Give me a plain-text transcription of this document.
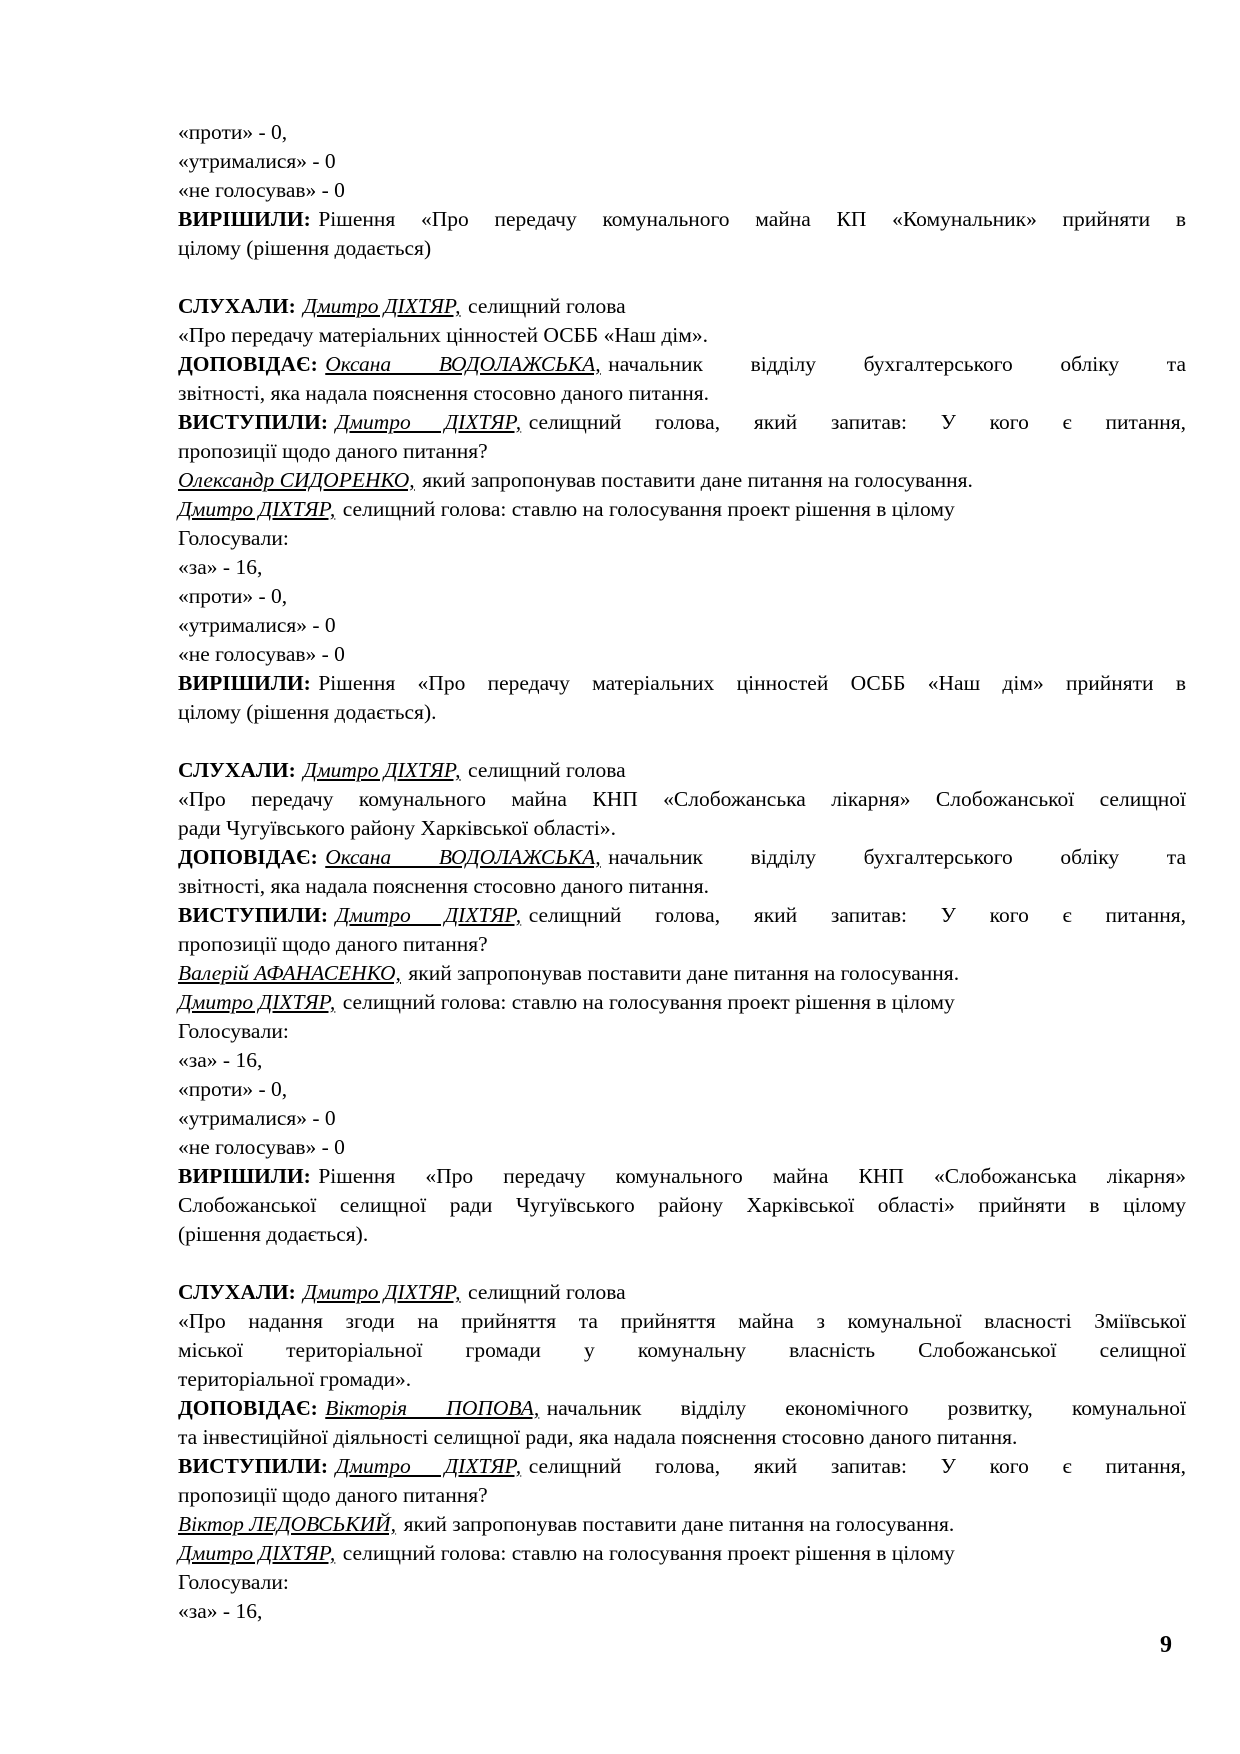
«проти» - 0,
«утрималися» - 0
«не голосував» - 0
ВИРІШИЛИ: Рішення «Про передачу комунального майна КП «Комунальник» прийняти в
цілому (рішення додається)
СЛУХАЛИ: Дмитро ДІХТЯР, селищний голова
«Про передачу матеріальних цінностей ОСББ «Наш дім».
ДОПОВІДАЄ: Оксана ВОДОЛАЖСЬКА, начальник відділу бухгалтерського обліку та
звітності, яка надала пояснення стосовно даного питання.
ВИСТУПИЛИ: Дмитро ДІХТЯР, селищний голова, який запитав: У кого є питання,
пропозиції щодо даного питання?
Олександр СИДОРЕНКО, який запропонував поставити дане питання на голосування.
Дмитро ДІХТЯР, селищний голова: ставлю на голосування проект рішення в цілому
Голосували:
«за» - 16,
«проти» - 0,
«утрималися» - 0
«не голосував» - 0
ВИРІШИЛИ: Рішення «Про передачу матеріальних цінностей ОСББ «Наш дім» прийняти в
цілому (рішення додається).
СЛУХАЛИ: Дмитро ДІХТЯР, селищний голова
«Про передачу комунального майна КНП «Слобожанська лікарня» Слобожанської селищної
ради Чугуївського району Харківської області».
ДОПОВІДАЄ: Оксана ВОДОЛАЖСЬКА, начальник відділу бухгалтерського обліку та
звітності, яка надала пояснення стосовно даного питання.
ВИСТУПИЛИ: Дмитро ДІХТЯР, селищний голова, який запитав: У кого є питання,
пропозиції щодо даного питання?
Валерій АФАНАСЕНКО, який запропонував поставити дане питання на голосування.
Дмитро ДІХТЯР, селищний голова: ставлю на голосування проект рішення в цілому
Голосували:
«за» - 16,
«проти» - 0,
«утрималися» - 0
«не голосував» - 0
ВИРІШИЛИ: Рішення «Про передачу комунального майна КНП «Слобожанська лікарня»
Слобожанської селищної ради Чугуївського району Харківської області» прийняти в цілому
(рішення додається).
СЛУХАЛИ: Дмитро ДІХТЯР, селищний голова
«Про надання згоди на прийняття та прийняття майна з комунальної власності Зміївської
міської територіальної громади у комунальну власність Слобожанської селищної
територіальної громади».
ДОПОВІДАЄ: Вікторія ПОПОВА, начальник відділу економічного розвитку, комунальної
та інвестиційної діяльності селищної ради, яка надала пояснення стосовно даного питання.
ВИСТУПИЛИ: Дмитро ДІХТЯР, селищний голова, який запитав: У кого є питання,
пропозиції щодо даного питання?
Віктор ЛЕДОВСЬКИЙ, який запропонував поставити дане питання на голосування.
Дмитро ДІХТЯР, селищний голова: ставлю на голосування проект рішення в цілому
Голосували:
«за» - 16,
9
